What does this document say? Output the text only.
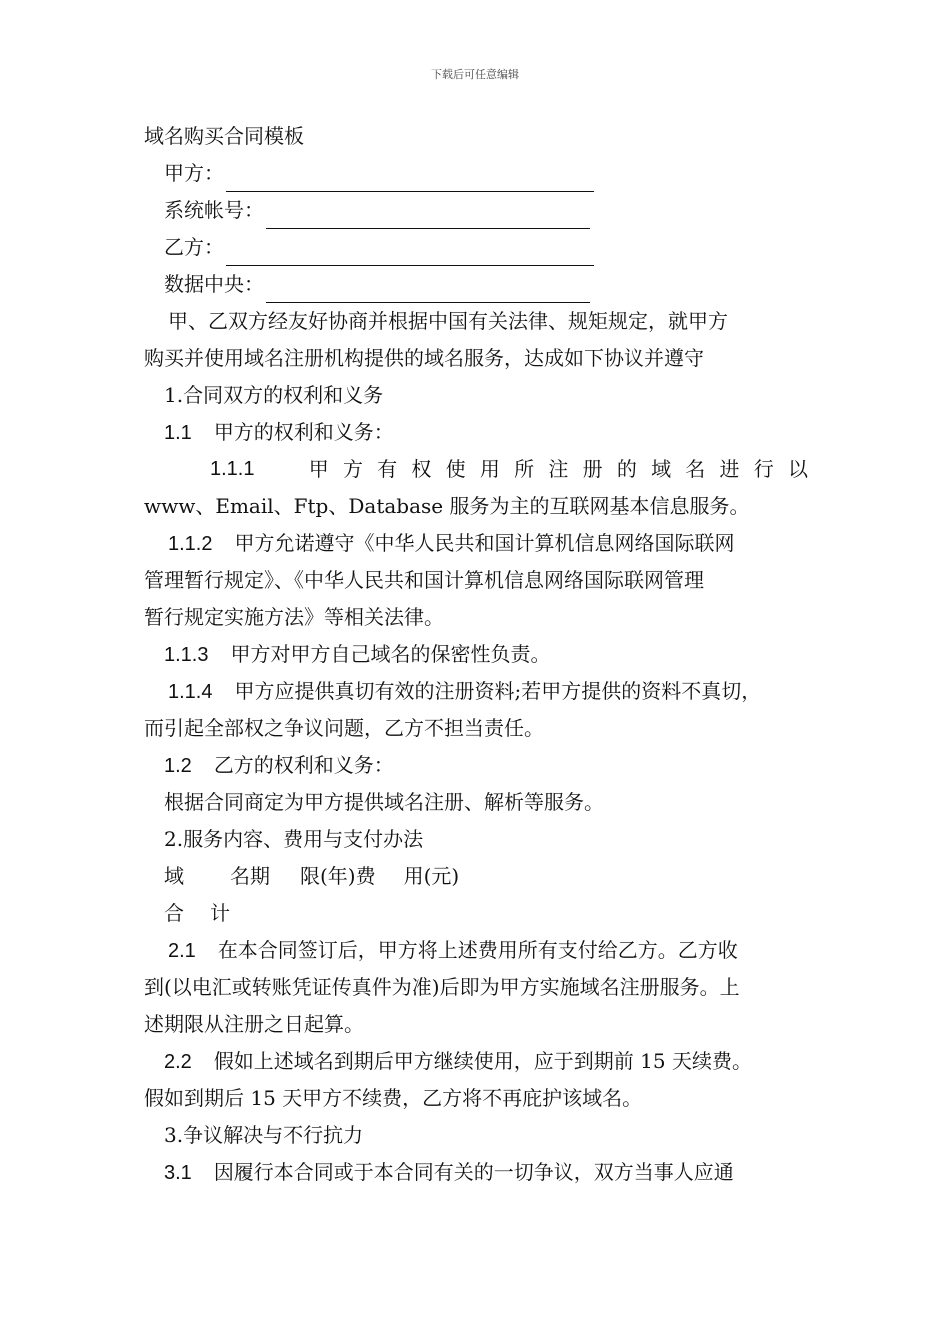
下载后可任意编辑
域名购买合同模板
甲方：
系统帐号：
乙方：
数据中央：
甲、乙双方经友好协商并根据中国有关法律、规矩规定，就甲方
购买并使用域名注册机构提供的域名服务，达成如下协议并遵守
1.合同双方的权利和义务
1.1 甲方的权利和义务：
1.1.1	甲 方 有 权 使 用 所 注 册 的 域 名 进 行 以
www、Email、Ftp、Database 服务为主的互联网基本信息服务。
1.1.2 甲方允诺遵守《中华人民共和国计算机信息网络国际联网
管理暂行规定》、《中华人民共和国计算机信息网络国际联网管理
暂行规定实施方法》等相关法律。
1.1.3 甲方对甲方自己域名的保密性负责。
1.1.4 甲方应提供真切有效的注册资料;若甲方提供的资料不真切，
而引起全部权之争议问题，乙方不担当责任。
1.2 乙方的权利和义务：
根据合同商定为甲方提供域名注册、解析等服务。
2.服务内容、费用与支付办法
域 名期 限(年)费 用(元)
合 计
2.1 在本合同签订后，甲方将上述费用所有支付给乙方。乙方收
到(以电汇或转账凭证传真件为准)后即为甲方实施域名注册服务。上
述期限从注册之日起算。
2.2 假如上述域名到期后甲方继续使用，应于到期前 15 天续费。
假如到期后 15 天甲方不续费，乙方将不再庇护该域名。
3.争议解决与不行抗力
3.1 因履行本合同或于本合同有关的一切争议，双方当事人应通
